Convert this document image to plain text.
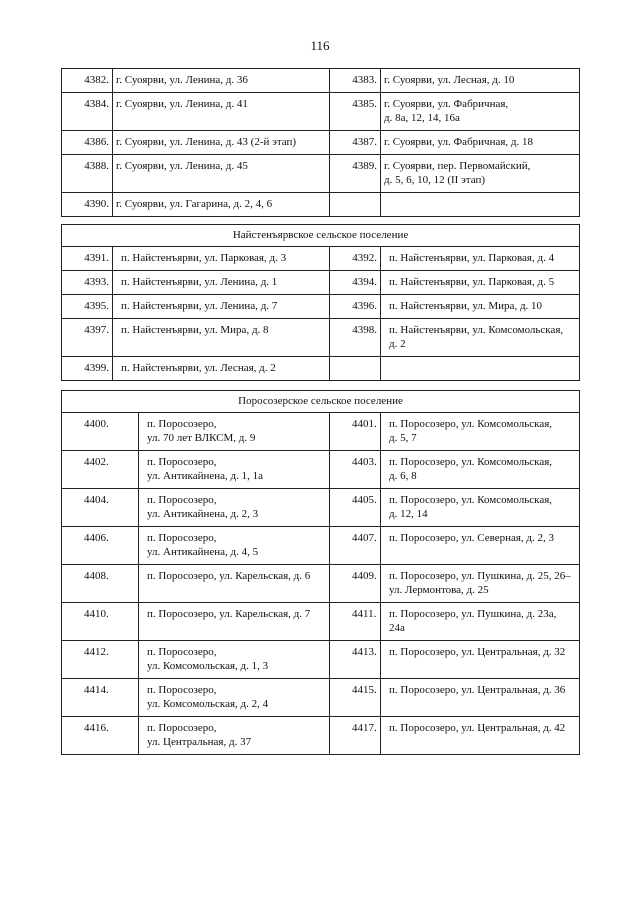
116
4382.	г. Суоярви, ул. Ленина, д. 36	4383.	г. Суоярви, ул. Лесная, д. 10

4384.	г. Суоярви, ул. Ленина, д. 41	4385.	г. Суоярви, ул. Фабричная,
д. 8а, 12, 14, 16а

4386.	г. Суоярви, ул. Ленина, д. 43 (2-й этап)	4387.	г. Суоярви, ул. Фабричная, д. 18

4388.	г. Суоярви, ул. Ленина, д. 45	4389.	г. Суоярви, пер. Первомайский,
д. 5, 6, 10, 12 (II этап)

4390.	г. Суоярви, ул. Гагарина, д. 2, 4, 6		

Найстенъярвское сельское поселение			
4391.	п. Найстенъярви, ул. Парковая, д. 3	4392.	п. Найстенъярви, ул. Парковая, д. 4

4393.	п. Найстенъярви, ул. Ленина, д. 1	4394.	п. Найстенъярви, ул. Парковая, д. 5

4395.	п. Найстенъярви, ул. Ленина, д. 7	4396.	п. Найстенъярви, ул. Мира, д. 10

4397.	п. Найстенъярви, ул. Мира, д. 8	4398.	п. Найстенъярви, ул. Комсомольская,
д. 2

4399.	п. Найстенъярви, ул. Лесная, д. 2		

Поросозерское сельское поселение			
4400.	п. Поросозеро,
ул. 70 лет ВЛКСМ, д. 9	4401.	п. Поросозеро, ул. Комсомольская,
д. 5, 7

4402.	п. Поросозеро,
ул. Антикайнена, д. 1, 1а	4403.	п. Поросозеро, ул. Комсомольская,
д. 6, 8

4404.	п. Поросозеро,
ул. Антикайнена, д. 2, 3	4405.	п. Поросозеро, ул. Комсомольская,
д. 12, 14

4406.	п. Поросозеро,
ул. Антикайнена, д. 4, 5	4407.	п. Поросозеро, ул. Северная, д. 2, 3

4408.	п. Поросозеро, ул. Карельская, д. 6	4409.	п. Поросозеро, ул. Пушкина, д. 25, 26–
ул. Лермонтова, д. 25

4410.	п. Поросозеро, ул. Карельская, д. 7	4411.	п. Поросозеро, ул. Пушкина, д. 23а,
24а

4412.	п. Поросозеро,
ул. Комсомольская, д. 1, 3	4413.	п. Поросозеро, ул. Центральная, д. 32

4414.	п. Поросозеро,
ул. Комсомольская, д. 2, 4	4415.	п. Поросозеро, ул. Центральная, д. 36

4416.	п. Поросозеро,
ул. Центральная, д. 37	4417.	п. Поросозеро, ул. Центральная, д. 42
